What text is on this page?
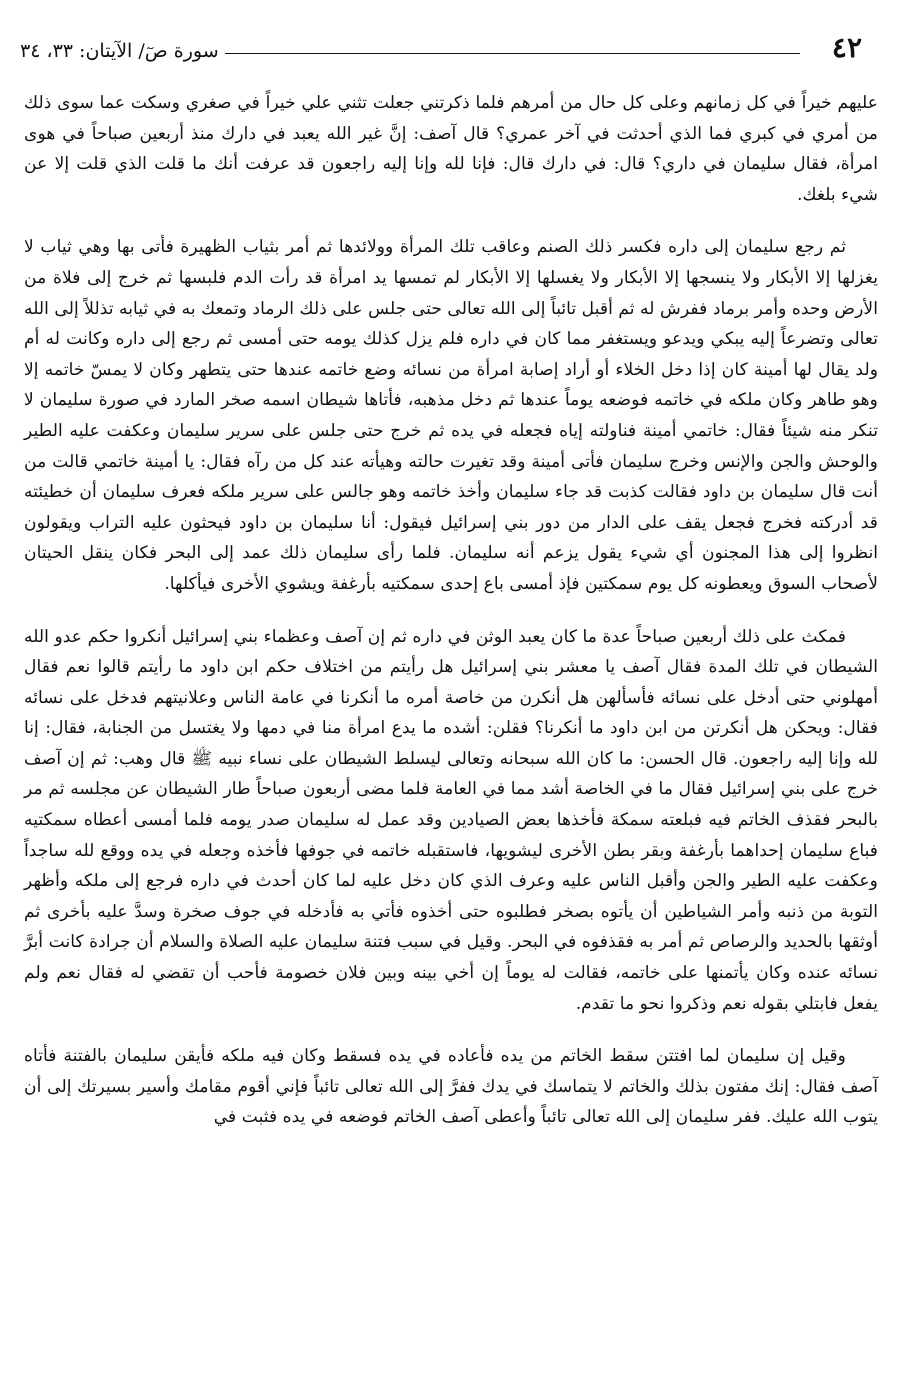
٤٢
سورة صٓ/ الآيتان: ٣٣، ٣٤

عليهم خيراً في كل زمانهم وعلى كل حال من أمرهم فلما ذكرتني جعلت تثني علي خيراً في صغري وسكت عما سوى ذلك من أمري في كبري فما الذي أحدثت في آخر عمري؟ قال آصف: إنَّ غير الله يعبد في دارك منذ أربعين صباحاً في هوى امرأة، فقال سليمان في داري؟ قال: في دارك قال: فإنا لله وإنا إليه راجعون قد عرفت أنك ما قلت الذي قلت إلا عن شيء بلغك.

ثم رجع سليمان إلى داره فكسر ذلك الصنم وعاقب تلك المرأة وولائدها ثم أمر بثياب الظهيرة فأتى بها وهي ثياب لا يغزلها إلا الأبكار ولا ينسجها إلا الأبكار ولا يغسلها إلا الأبكار لم تمسها يد امرأة قد رأت الدم فلبسها ثم خرج إلى فلاة من الأرض وحده وأمر برماد ففرش له ثم أقبل تائباً إلى الله تعالى حتى جلس على ذلك الرماد وتمعك به في ثيابه تذللاً إلى الله تعالى وتضرعاً إليه يبكي ويدعو ويستغفر مما كان في داره فلم يزل كذلك يومه حتى أمسى ثم رجع إلى داره وكانت له أم ولد يقال لها أمينة كان إذا دخل الخلاء أو أراد إصابة امرأة من نسائه وضع خاتمه عندها حتى يتطهر وكان لا يمسّ خاتمه إلا وهو طاهر وكان ملكه في خاتمه فوضعه يوماً عندها ثم دخل مذهبه، فأتاها شيطان اسمه صخر المارد في صورة سليمان لا تنكر منه شيئاً فقال: خاتمي أمينة فناولته إياه فجعله في يده ثم خرج حتى جلس على سرير سليمان وعكفت عليه الطير والوحش والجن والإنس وخرج سليمان فأتى أمينة وقد تغيرت حالته وهيأته عند كل من رآه فقال: يا أمينة خاتمي قالت من أنت قال سليمان بن داود فقالت كذبت قد جاء سليمان وأخذ خاتمه وهو جالس على سرير ملكه فعرف سليمان أن خطيئته قد أدركته فخرج فجعل يقف على الدار من دور بني إسرائيل فيقول: أنا سليمان بن داود فيحثون عليه التراب ويقولون انظروا إلى هذا المجنون أي شيء يقول يزعم أنه سليمان. فلما رأى سليمان ذلك عمد إلى البحر فكان ينقل الحيتان لأصحاب السوق ويعطونه كل يوم سمكتين فإذ أمسى باع إحدى سمكتيه بأرغفة ويشوي الأخرى فيأكلها.

فمكث على ذلك أربعين صباحاً عدة ما كان يعبد الوثن في داره ثم إن آصف وعظماء بني إسرائيل أنكروا حكم عدو الله الشيطان في تلك المدة فقال آصف يا معشر بني إسرائيل هل رأيتم من اختلاف حكم ابن داود ما رأيتم قالوا نعم فقال أمهلوني حتى أدخل على نسائه فأسألهن هل أنكرن من خاصة أمره ما أنكرنا في عامة الناس وعلانيتهم فدخل على نسائه فقال: ويحكن هل أنكرتن من ابن داود ما أنكرنا؟ فقلن: أشده ما يدع امرأة منا في دمها ولا يغتسل من الجنابة، فقال: إنا لله وإنا إليه راجعون. قال الحسن: ما كان الله سبحانه وتعالى ليسلط الشيطان على نساء نبيه ﷺ قال وهب: ثم إن آصف خرج على بني إسرائيل فقال ما في الخاصة أشد مما في العامة فلما مضى أربعون صباحاً طار الشيطان عن مجلسه ثم مر بالبحر فقذف الخاتم فيه فبلعته سمكة فأخذها بعض الصيادين وقد عمل له سليمان صدر يومه فلما أمسى أعطاه سمكتيه فباع سليمان إحداهما بأرغفة وبقر بطن الأخرى ليشويها، فاستقبله خاتمه في جوفها فأخذه وجعله في يده ووقع لله ساجداً وعكفت عليه الطير والجن وأقبل الناس عليه وعرف الذي كان دخل عليه لما كان أحدث في داره فرجع إلى ملكه وأظهر التوبة من ذنبه وأمر الشياطين أن يأتوه بصخر فطلبوه حتى أخذوه فأتي به فأدخله في جوف صخرة وسدَّ عليه بأخرى ثم أوثقها بالحديد والرصاص ثم أمر به فقذفوه في البحر. وقيل في سبب فتنة سليمان عليه الصلاة والسلام أن جرادة كانت أبرَّ نسائه عنده وكان يأتمنها على خاتمه، فقالت له يوماً إن أخي بينه وبين فلان خصومة فأحب أن تقضي له فقال نعم ولم يفعل فابتلي بقوله نعم وذكروا نحو ما تقدم.

وقيل إن سليمان لما افتتن سقط الخاتم من يده فأعاده في يده فسقط وكان فيه ملكه فأيقن سليمان بالفتنة فأتاه آصف فقال: إنك مفتون بذلك والخاتم لا يتماسك في يدك ففرَّ إلى الله تعالى تائباً فإني أقوم مقامك وأسير بسيرتك إلى أن يتوب الله عليك. ففر سليمان إلى الله تعالى تائباً وأعطى آصف الخاتم فوضعه في يده فثبت في
